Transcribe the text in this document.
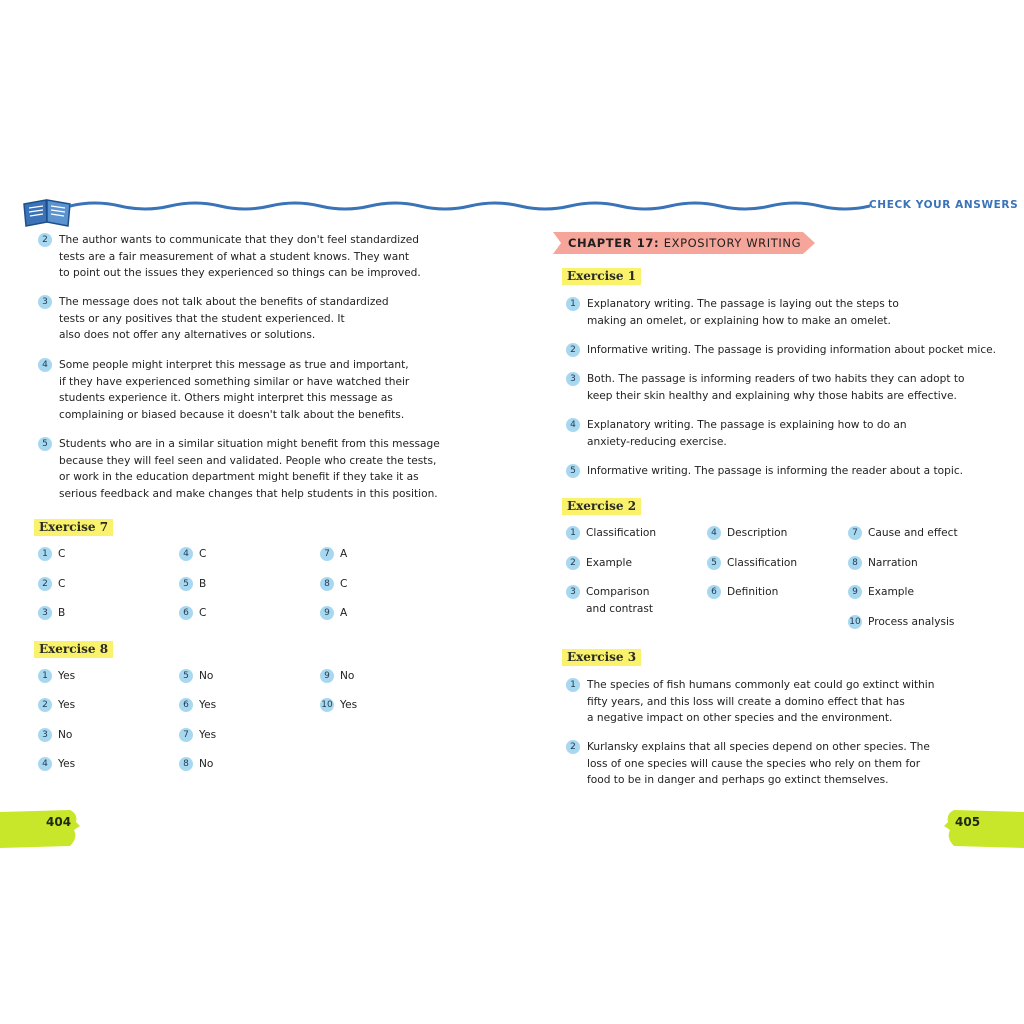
CHECK YOUR ANSWERS
2	The author wants to communicate that they don't feel standardized
tests are a fair measurement of what a student knows. They want
to point out the issues they experienced so things can be improved.
3	The message does not talk about the benefits of standardized
tests or any positives that the student experienced. It
also does not offer any alternatives or solutions.
4	Some people might interpret this message as true and important,
if they have experienced something similar or have watched their
students experience it. Others might interpret this message as
complaining or biased because it doesn't talk about the benefits.
5	Students who are in a similar situation might benefit from this message
because they will feel seen and validated. People who create the tests,
or work in the education department might benefit if they take it as
serious feedback and make changes that help students in this position.
Exercise 7
1 C
2 C
3 B
4 C
5 B
6 C
7 A
8 C
9 A
Exercise 8
1 Yes
2 Yes
3 No
4 Yes
5 No
6 Yes
7 Yes
8 No
9 No
10 Yes
404
CHAPTER 17: EXPOSITORY WRITING
Exercise 1
1	Explanatory writing. The passage is laying out the steps to
making an omelet, or explaining how to make an omelet.
2	Informative writing. The passage is providing information about pocket mice.
3	Both. The passage is informing readers of two habits they can adopt to
keep their skin healthy and explaining why those habits are effective.
4	Explanatory writing. The passage is explaining how to do an
anxiety-reducing exercise.
5	Informative writing. The passage is informing the reader about a topic.
Exercise 2
1 Classification
2 Example
3 Comparison
and contrast
4 Description
5 Classification
6 Definition
7 Cause and effect
8 Narration
9 Example
10 Process analysis
Exercise 3
1	The species of fish humans commonly eat could go extinct within
fifty years, and this loss will create a domino effect that has
a negative impact on other species and the environment.
2	Kurlansky explains that all species depend on other species. The
loss of one species will cause the species who rely on them for
food to be in danger and perhaps go extinct themselves.
405
